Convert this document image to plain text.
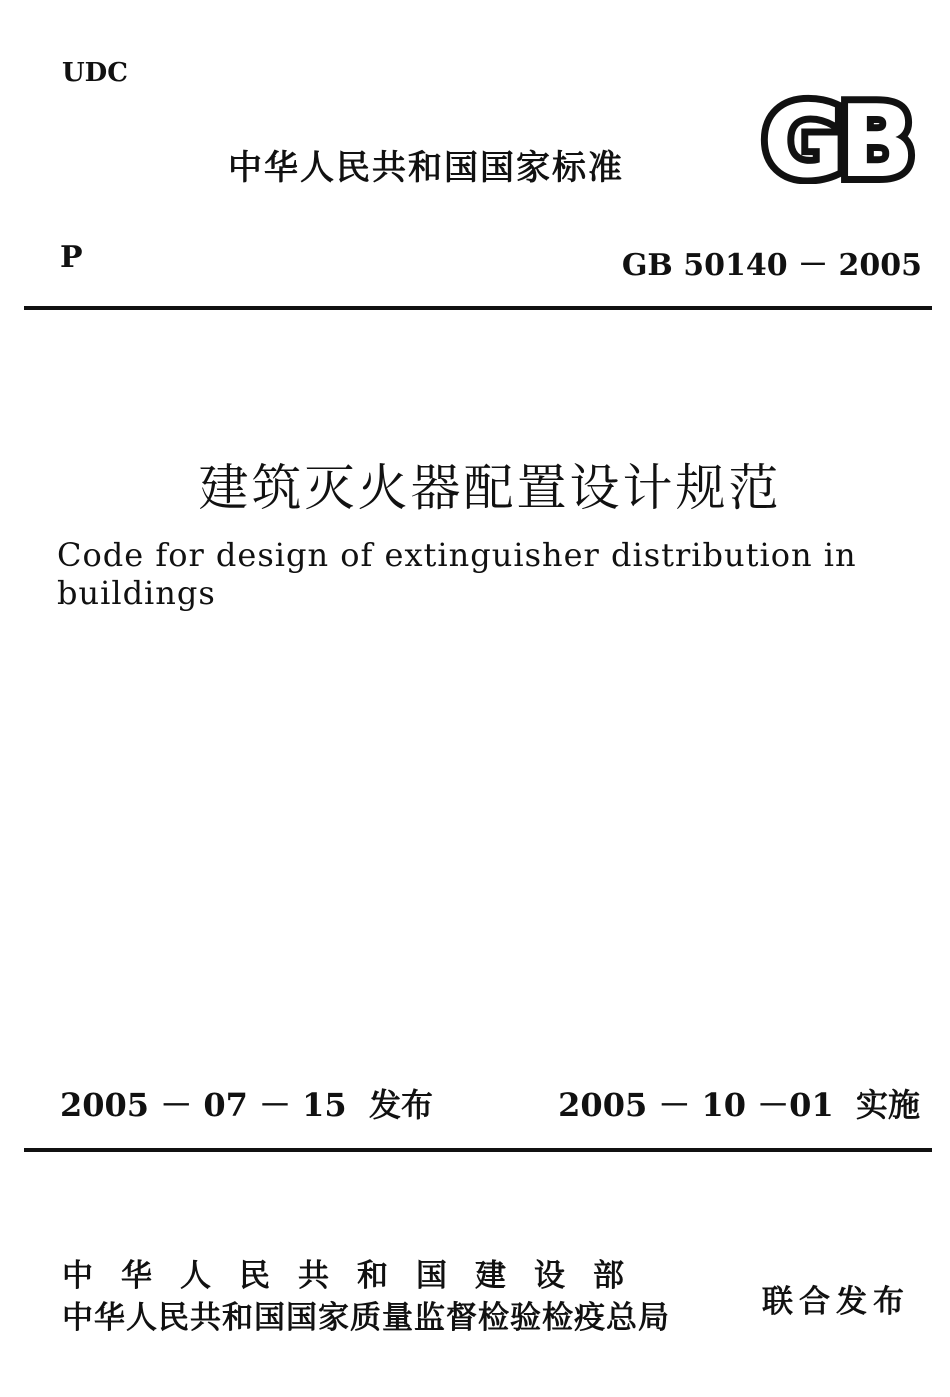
UDC
中华人民共和国国家标准 GB
P	GB 50140 － 2005
建筑灭火器配置设计规范
Code for design of extinguisher distribution in buildings
2005 － 07 － 15  发布	2005 － 10 －01  实施
中华人民共和国建设部
中华人民共和国国家质量监督检验检疫总局	联合发布
